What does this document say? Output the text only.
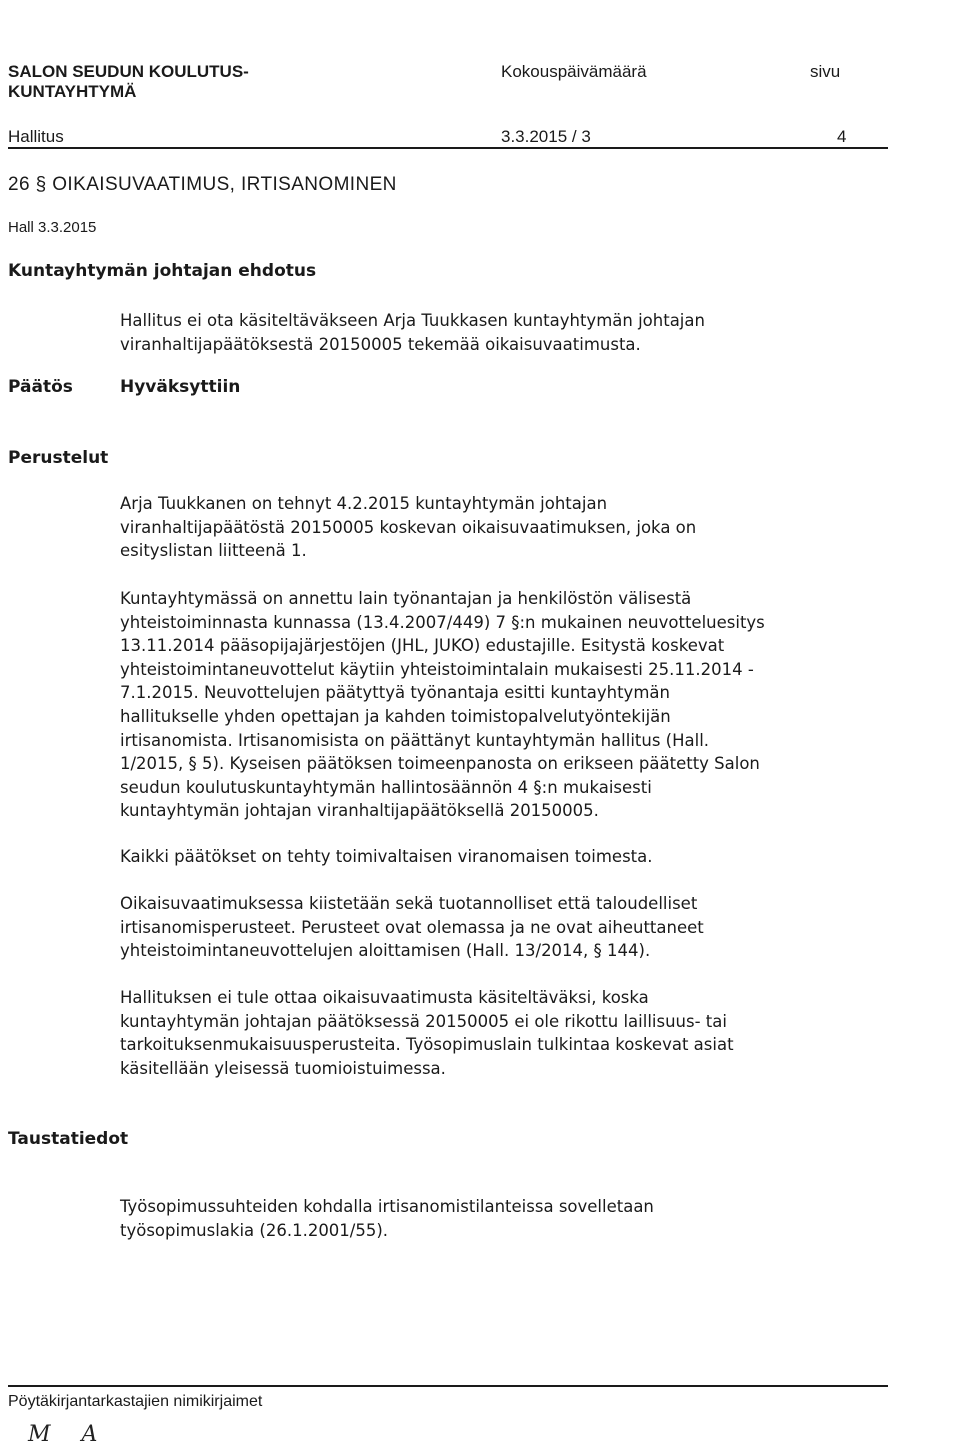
SALON SEUDUN KOULUTUS-
KUNTAYHTYMÄ
Kokouspäivämäärä	sivu
Hallitus	3.3.2015 / 3	4
26 § OIKAISUVAATIMUS, IRTISANOMINEN
Hall 3.3.2015
Kuntayhtymän johtajan ehdotus

Hallitus ei ota käsiteltäväkseen Arja Tuukkasen kuntayhtymän johtajan

viranhaltijapäätöksestä 20150005 tekemää oikaisuvaatimusta.

Päätös	Hyväksyttiin
Perustelut

Arja Tuukkanen on tehnyt 4.2.2015 kuntayhtymän johtajan

viranhaltijapäätöstä 20150005 koskevan oikaisuvaatimuksen, joka on

esityslistan liitteenä 1.

Kuntayhtymässä on annettu lain työnantajan ja henkilöstön välisestä

yhteistoiminnasta kunnassa (13.4.2007/449) 7 §:n mukainen neuvotteluesitys

13.11.2014 pääsopijajärjestöjen (JHL, JUKO) edustajille. Esitystä koskevat

yhteistoimintaneuvottelut käytiin yhteistoimintalain mukaisesti 25.11.2014 -

7.1.2015. Neuvottelujen päätyttyä työnantaja esitti kuntayhtymän

hallitukselle yhden opettajan ja kahden toimistopalvelutyöntekijän

irtisanomista. Irtisanomisista on päättänyt kuntayhtymän hallitus (Hall.

1/2015, § 5). Kyseisen päätöksen toimeenpanosta on erikseen päätetty Salon

seudun koulutuskuntayhtymän hallintosäännön 4 §:n mukaisesti

kuntayhtymän johtajan viranhaltijapäätöksellä 20150005.

Kaikki päätökset on tehty toimivaltaisen viranomaisen toimesta.

Oikaisuvaatimuksessa kiistetään sekä tuotannolliset että taloudelliset

irtisanomisperusteet. Perusteet ovat olemassa ja ne ovat aiheuttaneet

yhteistoimintaneuvottelujen aloittamisen (Hall. 13/2014, § 144).

Hallituksen ei tule ottaa oikaisuvaatimusta käsiteltäväksi, koska

kuntayhtymän johtajan päätöksessä 20150005 ei ole rikottu laillisuus- tai

tarkoituksenmukaisuusperusteita. Työsopimuslain tulkintaa koskevat asiat

käsitellään yleisessä tuomioistuimessa.

Taustatiedot

Työsopimussuhteiden kohdalla irtisanomistilanteissa sovelletaan

työsopimuslakia (26.1.2001/55).

Pöytäkirjantarkastajien nimikirjaimet
M A
